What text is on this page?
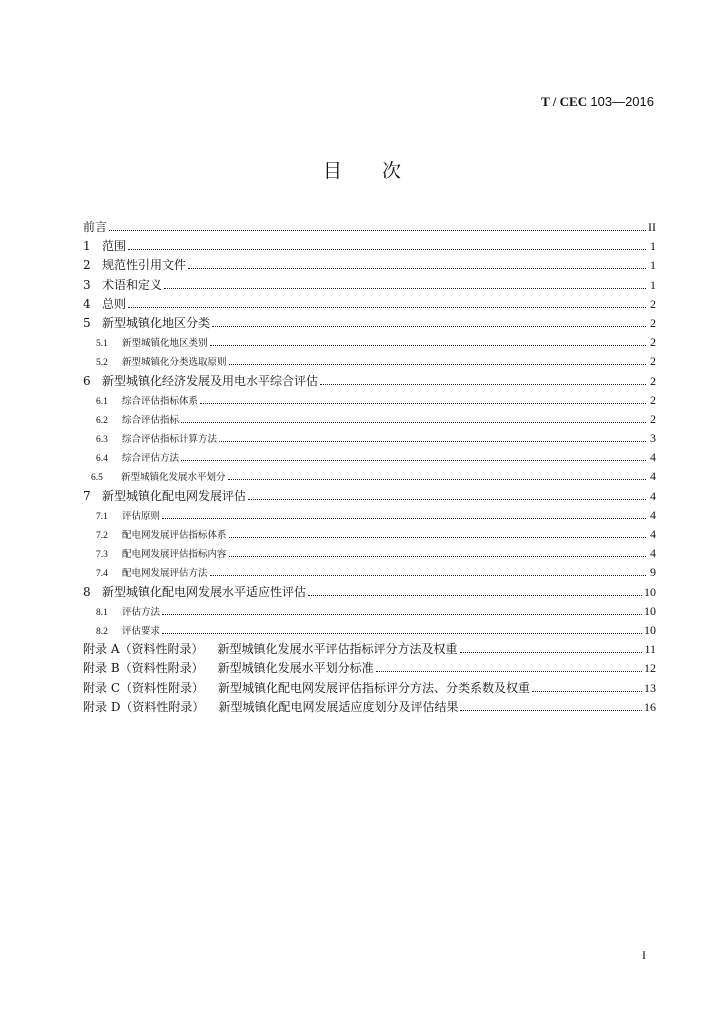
T / CEC 103—2016
目 次
前言	II
1 范围	1
2 规范性引用文件	1
3 术语和定义	1
4 总则	2
5 新型城镇化地区分类	2
5.1	新型城镇化地区类别	2
5.2	新型城镇化分类选取原则	2
6 新型城镇化经济发展及用电水平综合评估	2
6.1	综合评估指标体系	2
6.2	综合评估指标	2
6.3	综合评估指标计算方法	3
6.4	综合评估方法	4
6.5	新型城镇化发展水平划分	4
7 新型城镇化配电网发展评估	4
7.1	评估原则	4
7.2	配电网发展评估指标体系	4
7.3	配电网发展评估指标内容	4
7.4	配电网发展评估方法	9
8 新型城镇化配电网发展水平适应性评估	10
8.1	评估方法	10
8.2	评估要求	10
附录 A（资料性附录） 新型城镇化发展水平评估指标评分方法及权重	11
附录 B（资料性附录） 新型城镇化发展水平划分标准	12
附录 C（资料性附录） 新型城镇化配电网发展评估指标评分方法、分类系数及权重	13
附录 D（资料性附录） 新型城镇化配电网发展适应度划分及评估结果	16
I
